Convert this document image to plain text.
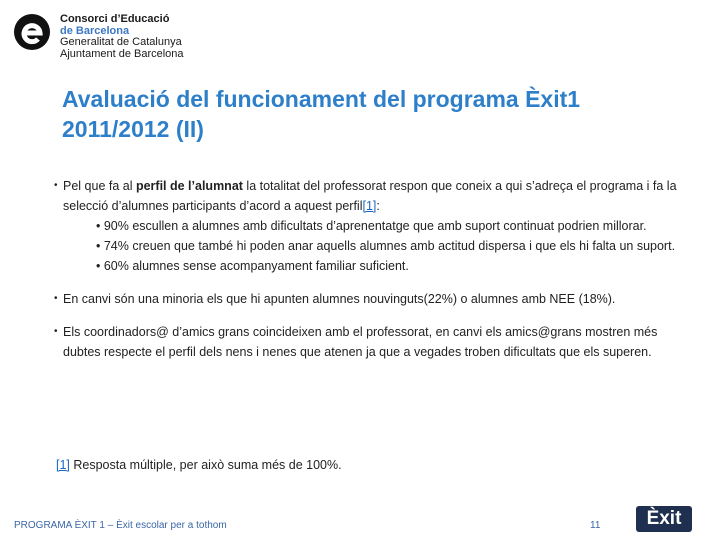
Consorci d’Educació
de Barcelona
Generalitat de Catalunya
Ajuntament de Barcelona
Avaluació del funcionament del programa Èxit1 2011/2012 (II)
• Pel que fa al perfil de l’alumnat la totalitat del professorat respon que coneix a qui s’adreça el programa i fa la selecció d’alumnes participants d’acord a aquest perfil[1]:
• 90% escullen a alumnes amb dificultats d’aprenentatge que amb suport continuat podrien millorar.
• 74% creuen que també hi poden anar aquells alumnes amb actitud dispersa i que els hi falta un suport.
• 60% alumnes sense acompanyament familiar suficient.
• En canvi són una minoria els que hi apunten alumnes nouvinguts(22%) o alumnes amb NEE (18%).
• Els coordinadors@ d’amics grans coincideixen amb el professorat, en canvi els amics@grans mostren més dubtes respecte el perfil dels nens i nenes que atenen ja que a vegades troben dificultats que els superen.
[1] Resposta múltiple, per això suma més de 100%.
PROGRAMA ÈXIT 1 – Èxit escolar per a tothom	11	Èxit
